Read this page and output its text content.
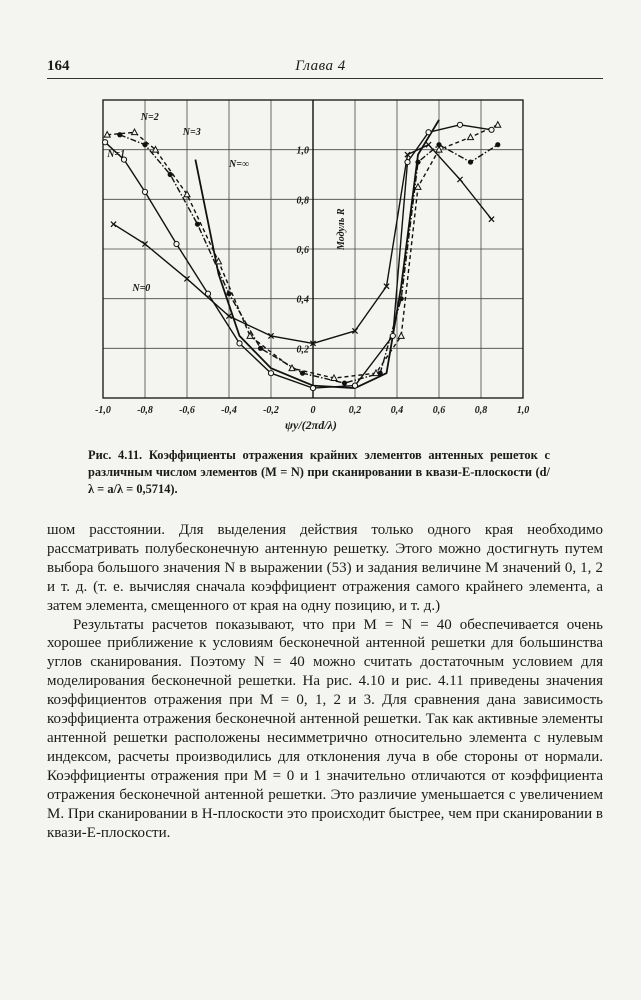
164	Глава 4
Модуль R
ψy/(2πd/λ)
-1,0	-0,8	-0,6	-0,4	-0,2	0	0,2	0,4	0,6	0,8	1,0
0,2
0,4
0,6
0,8
1,0
N=0
N=1
N=2
N=3
N=∞
Рис. 4.11. Коэффициенты отражения крайних элементов антенных решеток с различным числом элементов (M = N) при сканировании в квази-E-плоскости (d/ λ = a/λ = 0,5714).

шом расстоянии. Для выделения действия только одного края необходимо рассматривать полубесконечную антенную решетку. Этого можно достигнуть путем выбора большого значения N в выражении (53) и задания величине M значений 0, 1, 2 и т. д. (т. е. вычисляя сначала коэффициент отражения самого крайнего элемента, а затем элемента, смещенного от края на одну позицию, и т. д.)

Результаты расчетов показывают, что при M = N = 40 обеспечивается очень хорошее приближение к условиям бесконечной антенной решетки для большинства углов сканирования. Поэтому N = 40 можно считать достаточным условием для моделирования бесконечной решетки. На рис. 4.10 и рис. 4.11 приведены значения коэффициентов отражения при M = 0, 1, 2 и 3. Для сравнения дана зависимость коэффициента отражения бесконечной антенной решетки. Так как активные элементы антенной решетки расположены несимметрично относительно элемента с нулевым индексом, расчеты производились для отклонения луча в обе стороны от нормали. Коэффициенты отражения при M = 0 и 1 значительно отличаются от коэффициента отражения бесконечной антенной решетки. Это различие уменьшается с увеличением M. При сканировании в H-плоскости это происходит быстрее, чем при сканировании в квази-E-плоскости.
